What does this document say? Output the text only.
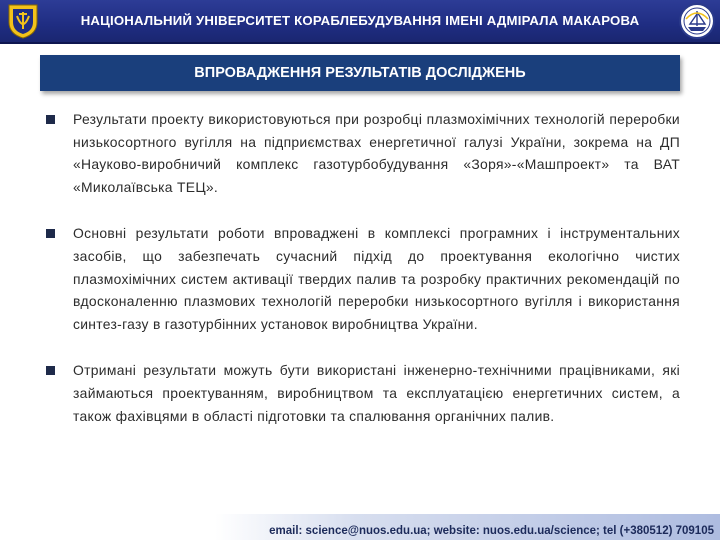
НАЦІОНАЛЬНИЙ УНІВЕРСИТЕТ КОРАБЛЕБУДУВАННЯ ІМЕНІ АДМІРАЛА МАКАРОВА
ВПРОВАДЖЕННЯ РЕЗУЛЬТАТІВ ДОСЛІДЖЕНЬ
Результати проекту використовуються при розробці плазмохімічних технологій переробки низькосортного вугілля на підприємствах енергетичної галузі України, зокрема на ДП «Науково-виробничий комплекс газотурбобудування «Зоря»-«Машпроект» та ВАТ «Миколаївська ТЕЦ».
Основні результати роботи впроваджені в комплексі програмних і інструментальних засобів, що забезпечать сучасний підхід до проектування екологічно чистих плазмохімічних систем активації твердих палив та розробку практичних рекомендацій по вдосконаленню плазмових технологій переробки низькосортного вугілля і використання синтез-газу в газотурбінних установок виробництва України.
Отримані результати можуть бути використані інженерно-технічними працівниками, які займаються проектуванням, виробництвом та експлуатацією енергетичних систем, а також фахівцями в області підготовки та спалювання органічних палив.
email: science@nuos.edu.ua; website: nuos.edu.ua/science; tel (+380512) 709105
